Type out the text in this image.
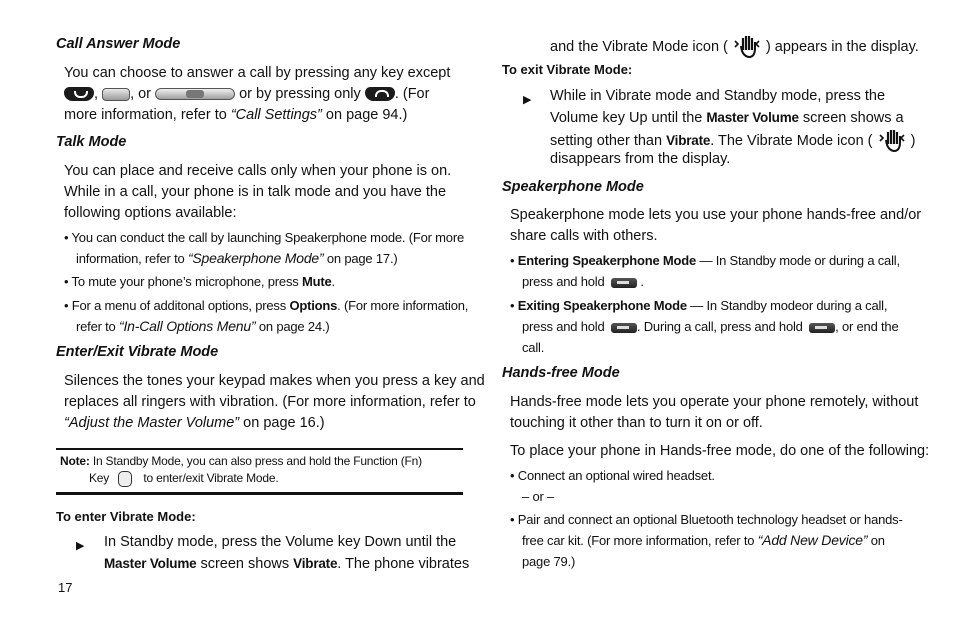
Call Answer Mode
You can choose to answer a call by pressing any key except
, , or	or by pressing only . (For
more information, refer to “Call Settings” on page 94.)
Talk Mode
You can place and receive calls only when your phone is on.
While in a call, your phone is in talk mode and you have the
following options available:
• You can conduct the call by launching Speakerphone mode. (For more
information, refer to “Speakerphone Mode” on page 17.)
• To mute your phone’s microphone, press Mute.
• For a menu of additonal options, press Options. (For more information,
refer to “In-Call Options Menu” on page 24.)
Enter/Exit Vibrate Mode
Silences the tones your keypad makes when you press a key and
replaces all ringers with vibration. (For more information, refer to
“Adjust the Master Volume” on page 16.)
Note: In Standby Mode, you can also press and hold the Function (Fn)
Key	to enter/exit Vibrate Mode.
To enter Vibrate Mode:
▶ In Standby mode, press the Volume key Down until the
Master Volume screen shows Vibrate. The phone vibrates
17
and the Vibrate Mode icon (	) appears in the display.
To exit Vibrate Mode:
▶ While in Vibrate mode and Standby mode, press the
Volume key Up until the Master Volume screen shows a
setting other than Vibrate. The Vibrate Mode icon (	)
disappears from the display.
Speakerphone Mode
Speakerphone mode lets you use your phone hands-free and/or
share calls with others.
• Entering Speakerphone Mode — In Standby mode or during a call,
press and hold	.
• Exiting Speakerphone Mode — In Standby modeor during a call,
press and hold . During a call, press and hold , or end the
call.
Hands-free Mode
Hands-free mode lets you operate your phone remotely, without
touching it other than to turn it on or off.
To place your phone in Hands-free mode, do one of the following:
• Connect an optional wired headset.
– or –
• Pair and connect an optional Bluetooth technology headset or hands-
free car kit. (For more information, refer to “Add New Device” on
page 79.)
